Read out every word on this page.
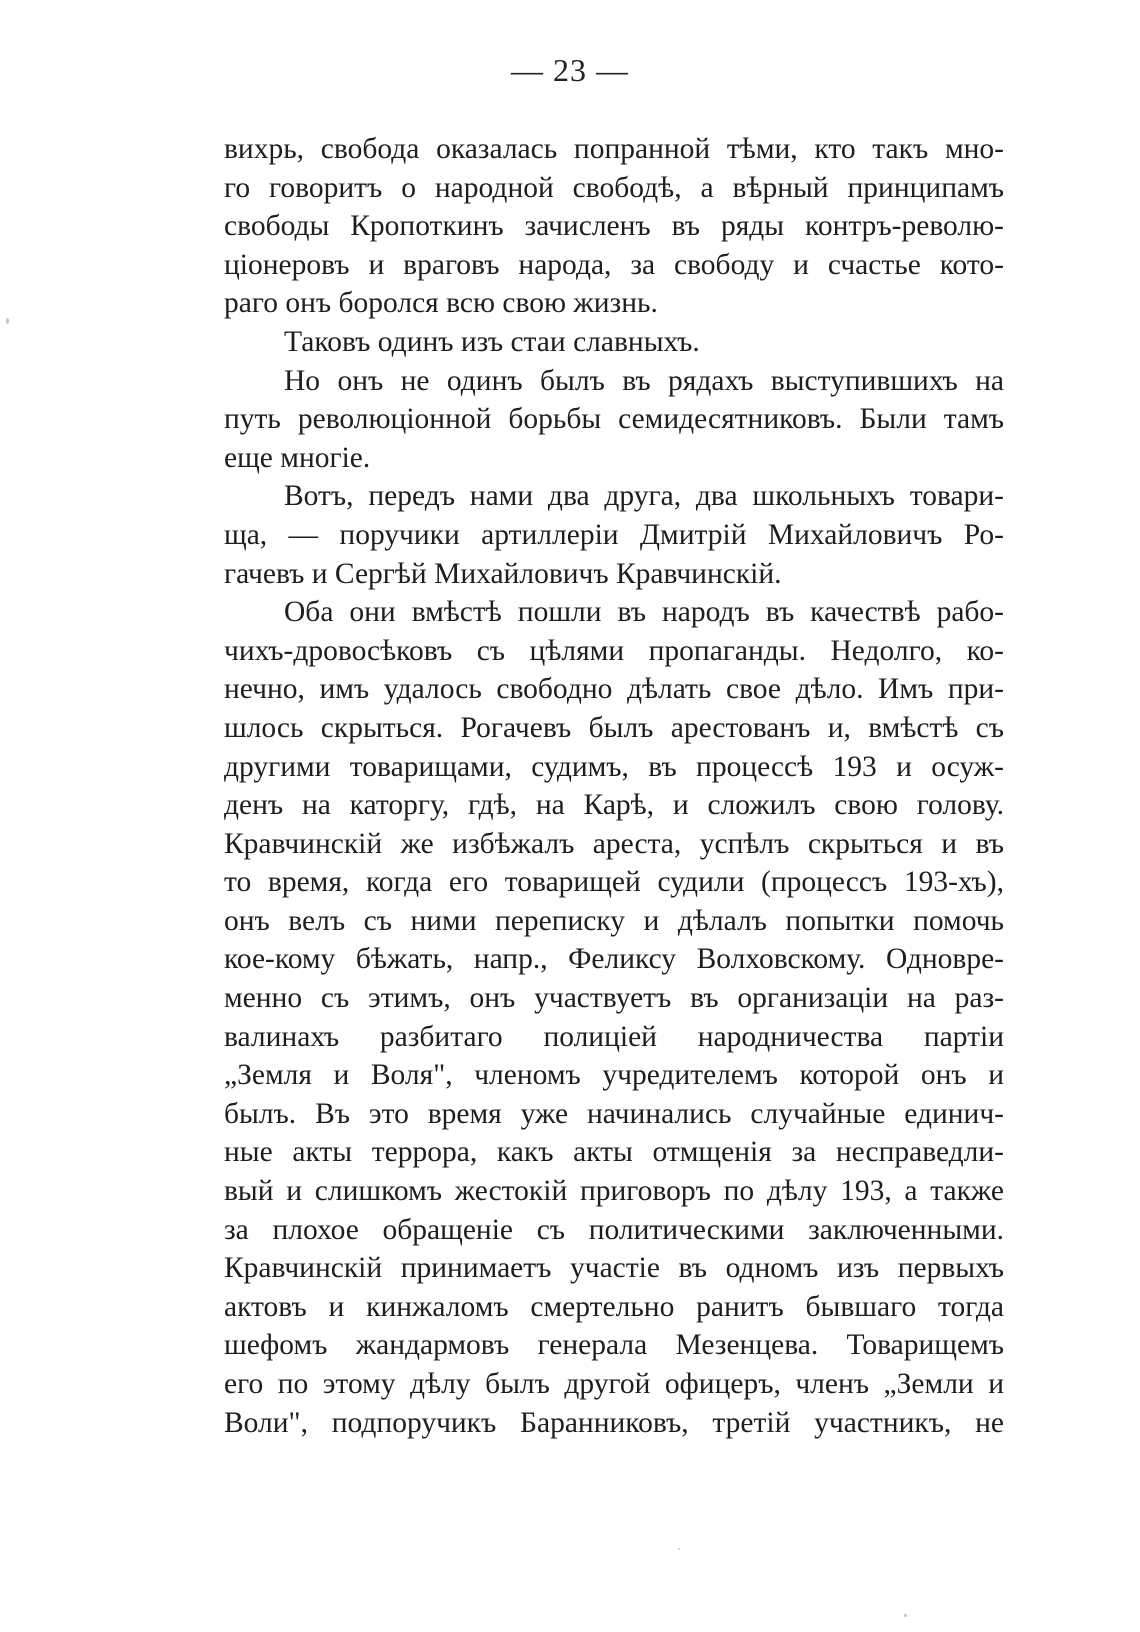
— 23 —
вихрь, свобода оказалась попранной тѣми, кто такъ мно-
го говоритъ о народной свободѣ, а вѣрный принципамъ
свободы Кропоткинъ зачисленъ въ ряды контръ-револю-
ціонеровъ и враговъ народа, за свободу и счастье кото-
раго онъ боролся всю свою жизнь.
Таковъ одинъ изъ стаи славныхъ.
Но онъ не одинъ былъ въ рядахъ выступившихъ на
путь революціонной борьбы семидесятниковъ. Были тамъ
еще многіе.
Вотъ, передъ нами два друга, два школьныхъ товари-
ща, — поручики артиллеріи Дмитрій Михайловичъ Ро-
гачевъ и Сергѣй Михайловичъ Кравчинскій.
Оба они вмѣстѣ пошли въ народъ въ качествѣ рабо-
чихъ-дровосѣковъ съ цѣлями пропаганды. Недолго, ко-
нечно, имъ удалось свободно дѣлать свое дѣло. Имъ при-
шлось скрыться. Рогачевъ былъ арестованъ и, вмѣстѣ съ
другими товарищами, судимъ, въ процессѣ 193 и осуж-
денъ на каторгу, гдѣ, на Карѣ, и сложилъ свою голову.
Кравчинскій же избѣжалъ ареста, успѣлъ скрыться и въ
то время, когда его товарищей судили (процессъ 193-хъ),
онъ велъ съ ними переписку и дѣлалъ попытки помочь
кое-кому бѣжать, напр., Феликсу Волховскому. Одновре-
менно съ этимъ, онъ участвуетъ въ организаціи на раз-
валинахъ разбитаго полиціей народничества партіи
„Земля и Воля", членомъ учредителемъ которой онъ и
былъ. Въ это время уже начинались случайные единич-
ные акты террора, какъ акты отмщенія за несправедли-
вый и слишкомъ жестокій приговоръ по дѣлу 193, а также
за плохое обращеніе съ политическими заключенными.
Кравчинскій принимаетъ участіе въ одномъ изъ первыхъ
актовъ и кинжаломъ смертельно ранитъ бывшаго тогда
шефомъ жандармовъ генерала Мезенцева. Товарищемъ
его по этому дѣлу былъ другой офицеръ, членъ „Земли и
Воли", подпоручикъ Баранниковъ, третій участникъ, не
